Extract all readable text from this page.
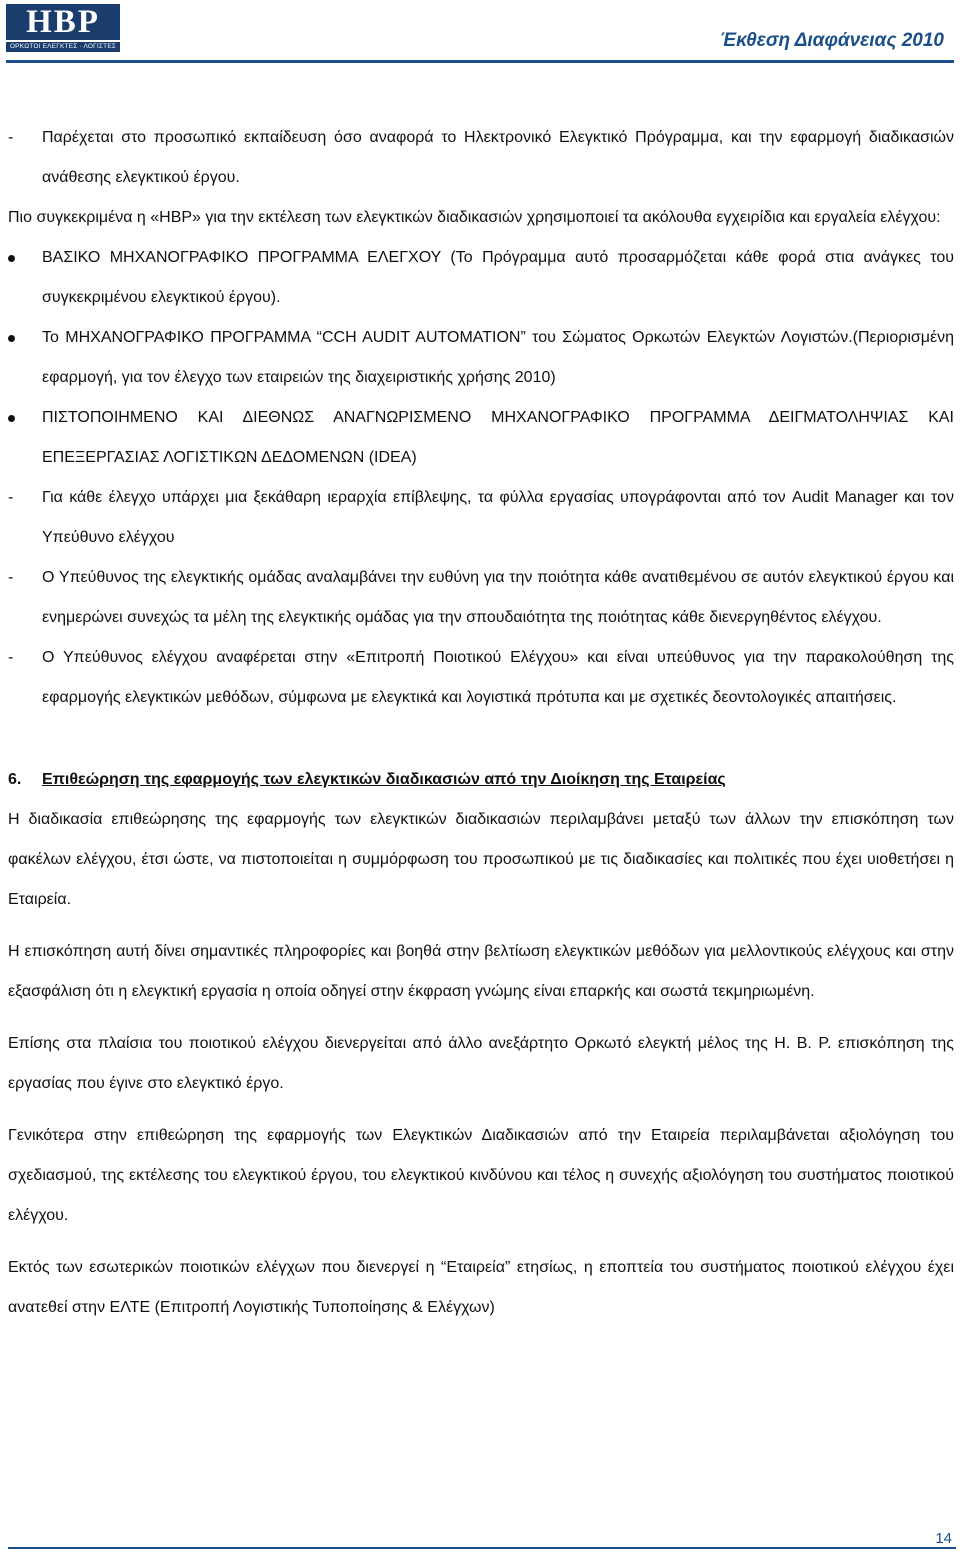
HBP
ΟΡΚΩΤΟΙ ΕΛΕΓΚΤΕΣ · ΛΟΓΙΣΤΕΣ	Έκθεση Διαφάνειας 2010
-	Παρέχεται στο προσωπικό εκπαίδευση όσο αναφορά το Ηλεκτρονικό Ελεγκτικό Πρόγραμμα, και την εφαρμογή διαδικασιών ανάθεσης ελεγκτικού έργου.

Πιο συγκεκριμένα η «HBP» για την εκτέλεση των ελεγκτικών διαδικασιών χρησιμοποιεί τα ακόλουθα εγχειρίδια και εργαλεία ελέγχου:

ΒΑΣΙΚΟ ΜΗΧΑΝΟΓΡΑΦΙΚΟ ΠΡΟΓΡΑΜΜΑ ΕΛΕΓΧΟΥ (Το Πρόγραμμα αυτό προσαρμόζεται κάθε φορά στια ανάγκες του συγκεκριμένου ελεγκτικού έργου).
Το ΜΗΧΑΝΟΓΡΑΦΙΚΟ ΠΡΟΓΡΑΜΜΑ “CCH AUDIT AUTOMATION” του Σώματος Ορκωτών Ελεγκτών Λογιστών.(Περιορισμένη εφαρμογή, για τον έλεγχο των εταιρειών της διαχειριστικής χρήσης 2010)
ΠΙΣΤΟΠΟΙΗΜΕΝΟ ΚΑΙ ΔΙΕΘΝΩΣ ΑΝΑΓΝΩΡΙΣΜΕΝΟ ΜΗΧΑΝΟΓΡΑΦΙΚΟ ΠΡΟΓΡΑΜΜΑ ΔΕΙΓΜΑΤΟΛΗΨΙΑΣ ΚΑΙ ΕΠΕΞΕΡΓΑΣΙΑΣ ΛΟΓΙΣΤΙΚΩΝ ΔΕΔΟΜΕΝΩΝ (IDEA)
-	Για κάθε έλεγχο υπάρχει μια ξεκάθαρη ιεραρχία επίβλεψης, τα φύλλα εργασίας υπογράφονται από τον Audit Manager και τον Υπεύθυνο ελέγχου
-	Ο Υπεύθυνος της ελεγκτικής ομάδας αναλαμβάνει την ευθύνη για την ποιότητα κάθε ανατιθεμένου σε αυτόν ελεγκτικού έργου και ενημερώνει συνεχώς τα μέλη της ελεγκτικής ομάδας για την σπουδαιότητα της ποιότητας κάθε διενεργηθέντος ελέγχου.
-	Ο Υπεύθυνος ελέγχου αναφέρεται στην «Επιτροπή Ποιοτικού Ελέγχου» και είναι υπεύθυνος για την παρακολούθηση της εφαρμογής ελεγκτικών μεθόδων, σύμφωνα με ελεγκτικά και λογιστικά πρότυπα και με σχετικές δεοντολογικές απαιτήσεις.
6.	Επιθεώρηση της εφαρμογής των ελεγκτικών διαδικασιών από την Διοίκηση της Εταιρείας

Η διαδικασία επιθεώρησης της εφαρμογής των ελεγκτικών διαδικασιών περιλαμβάνει μεταξύ των άλλων την επισκόπηση των φακέλων ελέγχου, έτσι ώστε, να πιστοποιείται η συμμόρφωση του προσωπικού με τις διαδικασίες και πολιτικές που έχει υιοθετήσει η Εταιρεία.

Η επισκόπηση αυτή δίνει σημαντικές πληροφορίες και βοηθά στην βελτίωση ελεγκτικών μεθόδων για μελλοντικούς ελέγχους και στην εξασφάλιση ότι η ελεγκτική εργασία η οποία οδηγεί στην έκφραση γνώμης είναι επαρκής και σωστά τεκμηριωμένη.

Επίσης στα πλαίσια του ποιοτικού ελέγχου διενεργείται από άλλο ανεξάρτητο Ορκωτό ελεγκτή μέλος της Η. Β. Ρ. επισκόπηση της εργασίας που έγινε στο ελεγκτικό έργο.

Γενικότερα στην επιθεώρηση της εφαρμογής των Ελεγκτικών Διαδικασιών από την Εταιρεία περιλαμβάνεται αξιολόγηση του σχεδιασμού, της εκτέλεσης του ελεγκτικού έργου, του ελεγκτικού κινδύνου και τέλος η συνεχής αξιολόγηση του συστήματος ποιοτικού ελέγχου.

Εκτός των εσωτερικών ποιοτικών ελέγχων που διενεργεί η “Εταιρεία” ετησίως, η εποπτεία του συστήματος ποιοτικού ελέγχου έχει ανατεθεί στην ΕΛΤΕ (Επιτροπή Λογιστικής Τυποποίησης & Ελέγχων)

14
